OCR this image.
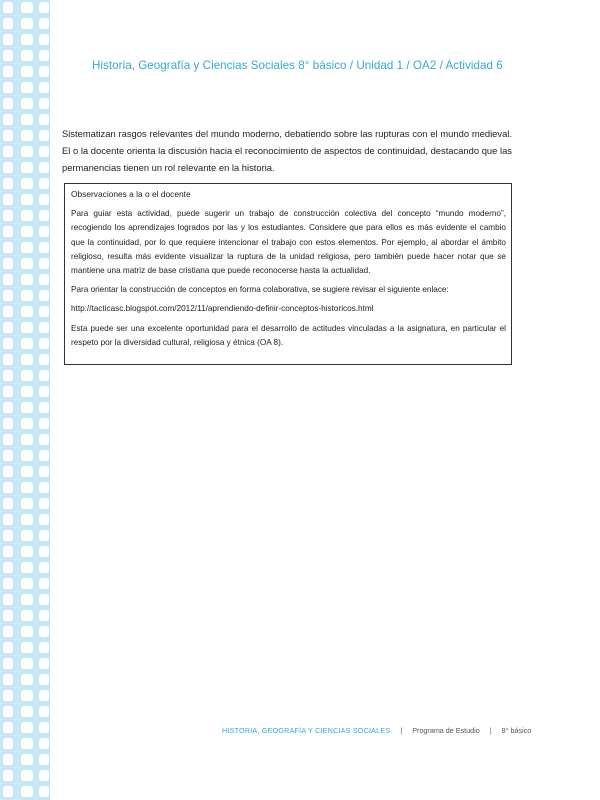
Historia, Geografía y Ciencias Sociales 8° básico / Unidad 1 / OA2 / Actividad 6
Sistematizan rasgos relevantes del mundo moderno, debatiendo sobre las rupturas con el mundo medieval. El o la docente orienta la discusión hacia el reconocimiento de aspectos de continuidad, destacando que las permanencias tienen un rol relevante en la historia.
Observaciones a la o el docente

Para guiar esta actividad, puede sugerir un trabajo de construcción colectiva del concepto “mundo moderno”, recogiendo los aprendizajes logrados por las y los estudiantes. Considere que para ellos es más evidente el cambio que la continuidad, por lo que requiere intencionar el trabajo con estos elementos. Por ejemplo, al abordar el ámbito religioso, resulta más evidente visualizar la ruptura de la unidad religiosa, pero también puede hacer notar que se mantiene una matriz de base cristiana que puede reconocerse hasta la actualidad.

Para orientar la construcción de conceptos en forma colaborativa, se sugiere revisar el siguiente enlace:

http://tacticasc.blogspot.com/2012/11/aprendiendo-definir-conceptos-historicos.html

Esta puede ser una excelente oportunidad para el desarrollo de actitudes vinculadas a la asignatura, en particular el respeto por la diversidad cultural, religiosa y étnica (OA 8).

HISTORIA, GEOGRAFÍA Y CIENCIAS SOCIALES | Programa de Estudio | 8° básico
